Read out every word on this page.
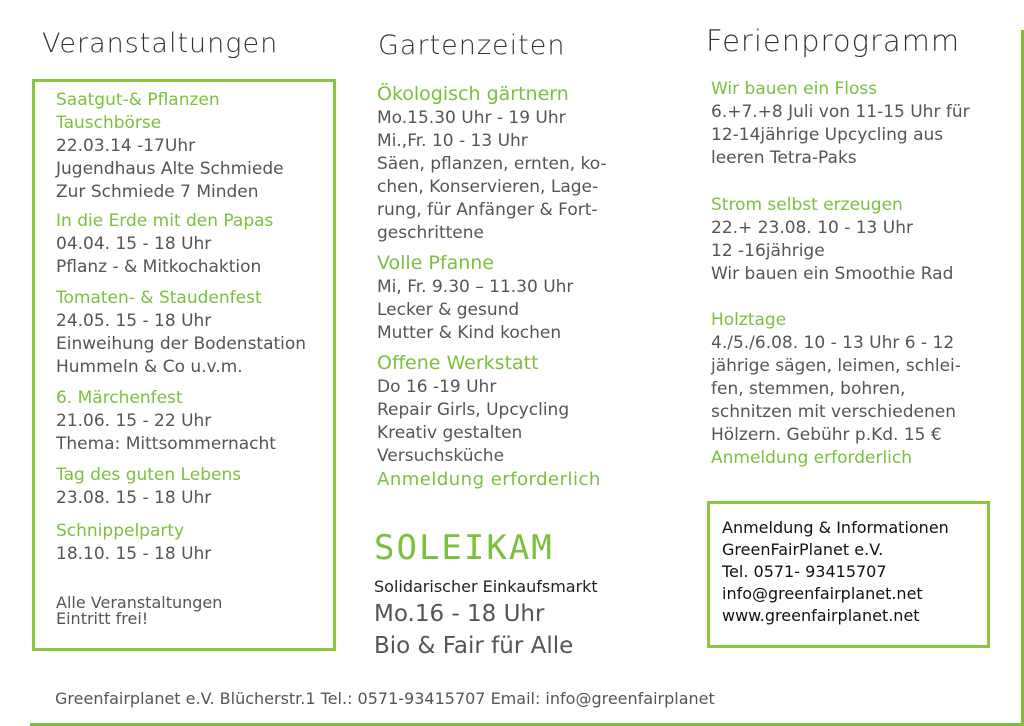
Veranstaltungen
Saatgut-& Pflanzen
Tauschbörse
22.03.14 -17Uhr
Jugendhaus Alte Schmiede
Zur Schmiede 7 Minden
In die Erde mit den Papas
04.04. 15 - 18 Uhr
Pflanz - & Mitkochaktion
Tomaten- & Staudenfest
24.05. 15 - 18 Uhr
Einweihung der Bodenstation
Hummeln & Co u.v.m.
6. Märchenfest
21.06. 15 - 22 Uhr
Thema: Mittsommernacht
Tag des guten Lebens
23.08. 15 - 18 Uhr
Schnippelparty
18.10. 15 - 18 Uhr
Alle Veranstaltungen
Eintritt frei!
Gartenzeiten
Ökologisch gärtnern
Mo.15.30 Uhr - 19 Uhr
Mi.,Fr. 10 - 13 Uhr
Säen, pflanzen, ernten, ko-
chen, Konservieren, Lage-
rung, für Anfänger & Fort-
geschrittene
Volle Pfanne
Mi, Fr. 9.30 – 11.30 Uhr
Lecker & gesund
Mutter & Kind kochen
Offene Werkstatt
Do 16 -19 Uhr
Repair Girls, Upcycling
Kreativ gestalten
Versuchsküche
Anmeldung erforderlich
SOLEIKAM
Solidarischer Einkaufsmarkt
Mo.16 - 18 Uhr
Bio & Fair für Alle
Ferienprogramm
Wir bauen ein Floss
6.+7.+8 Juli von 11-15 Uhr für
12-14jährige Upcycling aus
leeren Tetra-Paks
Strom selbst erzeugen
22.+ 23.08. 10 - 13 Uhr
12 -16jährige
Wir bauen ein Smoothie Rad
Holztage
4./5./6.08. 10 - 13 Uhr 6 - 12
jährige sägen, leimen, schlei-
fen, stemmen, bohren,
schnitzen mit verschiedenen
Hölzern. Gebühr p.Kd. 15 €
Anmeldung erforderlich
Anmeldung & Informationen
GreenFairPlanet e.V.
Tel. 0571- 93415707
info@greenfairplanet.net
www.greenfairplanet.net
Greenfairplanet e.V. Blücherstr.1 Tel.: 0571-93415707 Email: info@greenfairplanet
